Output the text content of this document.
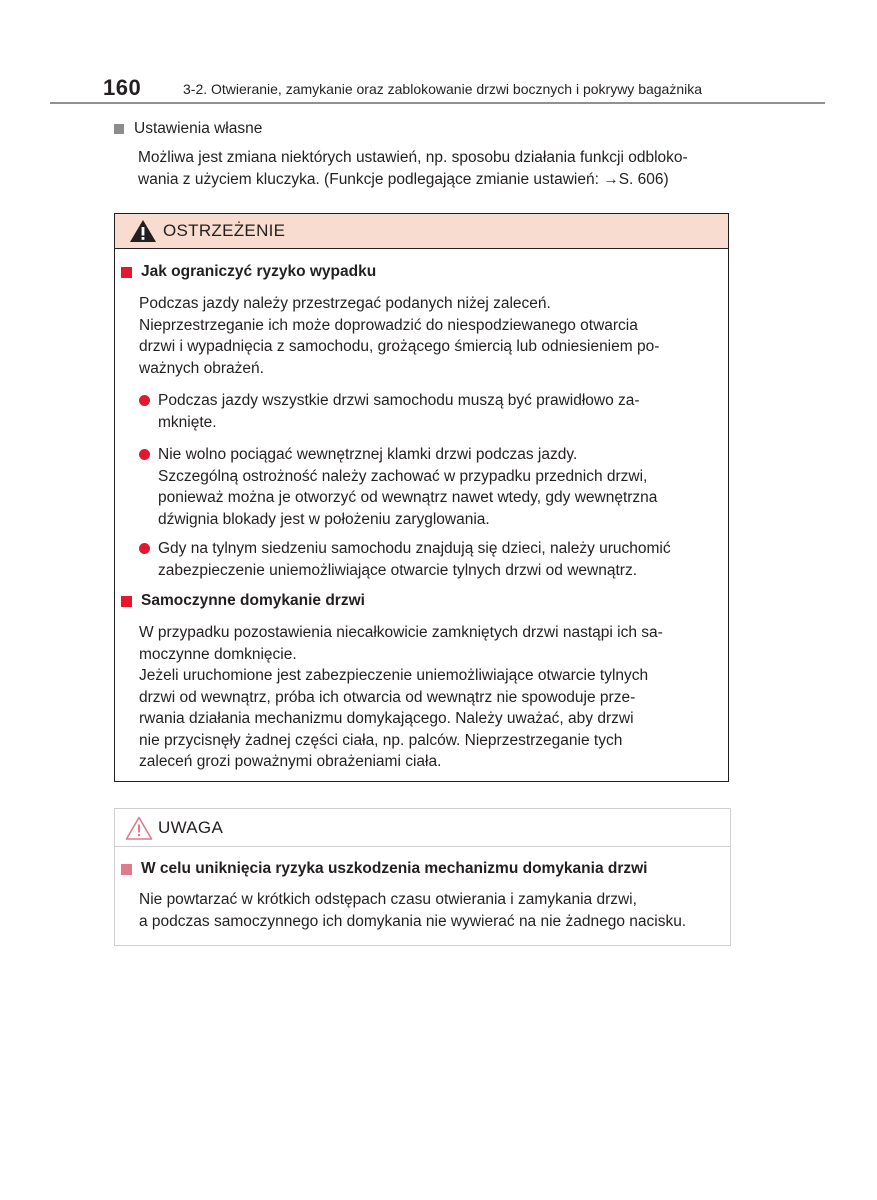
160	3-2. Otwieranie, zamykanie oraz zablokowanie drzwi bocznych i pokrywy bagażnika
Ustawienia własne
Możliwa jest zmiana niektórych ustawień, np. sposobu działania funkcji odbloko-
wania z użyciem kluczyka. (Funkcje podlegające zmianie ustawień: →S. 606)
OSTRZEŻENIE
Jak ograniczyć ryzyko wypadku
Podczas jazdy należy przestrzegać podanych niżej zaleceń.
Nieprzestrzeganie ich może doprowadzić do niespodziewanego otwarcia
drzwi i wypadnięcia z samochodu, grożącego śmiercią lub odniesieniem po-
ważnych obrażeń.
Podczas jazdy wszystkie drzwi samochodu muszą być prawidłowo za-
mknięte.
Nie wolno pociągać wewnętrznej klamki drzwi podczas jazdy.
Szczególną ostrożność należy zachować w przypadku przednich drzwi,
ponieważ można je otworzyć od wewnątrz nawet wtedy, gdy wewnętrzna
dźwignia blokady jest w położeniu zaryglowania.
Gdy na tylnym siedzeniu samochodu znajdują się dzieci, należy uruchomić
zabezpieczenie uniemożliwiające otwarcie tylnych drzwi od wewnątrz.
Samoczynne domykanie drzwi
W przypadku pozostawienia niecałkowicie zamkniętych drzwi nastąpi ich sa-
moczynne domknięcie.
Jeżeli uruchomione jest zabezpieczenie uniemożliwiające otwarcie tylnych
drzwi od wewnątrz, próba ich otwarcia od wewnątrz nie spowoduje prze-
rwania działania mechanizmu domykającego. Należy uważać, aby drzwi
nie przycisnęły żadnej części ciała, np. palców. Nieprzestrzeganie tych
zaleceń grozi poważnymi obrażeniami ciała.
UWAGA
W celu uniknięcia ryzyka uszkodzenia mechanizmu domykania drzwi
Nie powtarzać w krótkich odstępach czasu otwierania i zamykania drzwi,
a podczas samoczynnego ich domykania nie wywierać na nie żadnego nacisku.
